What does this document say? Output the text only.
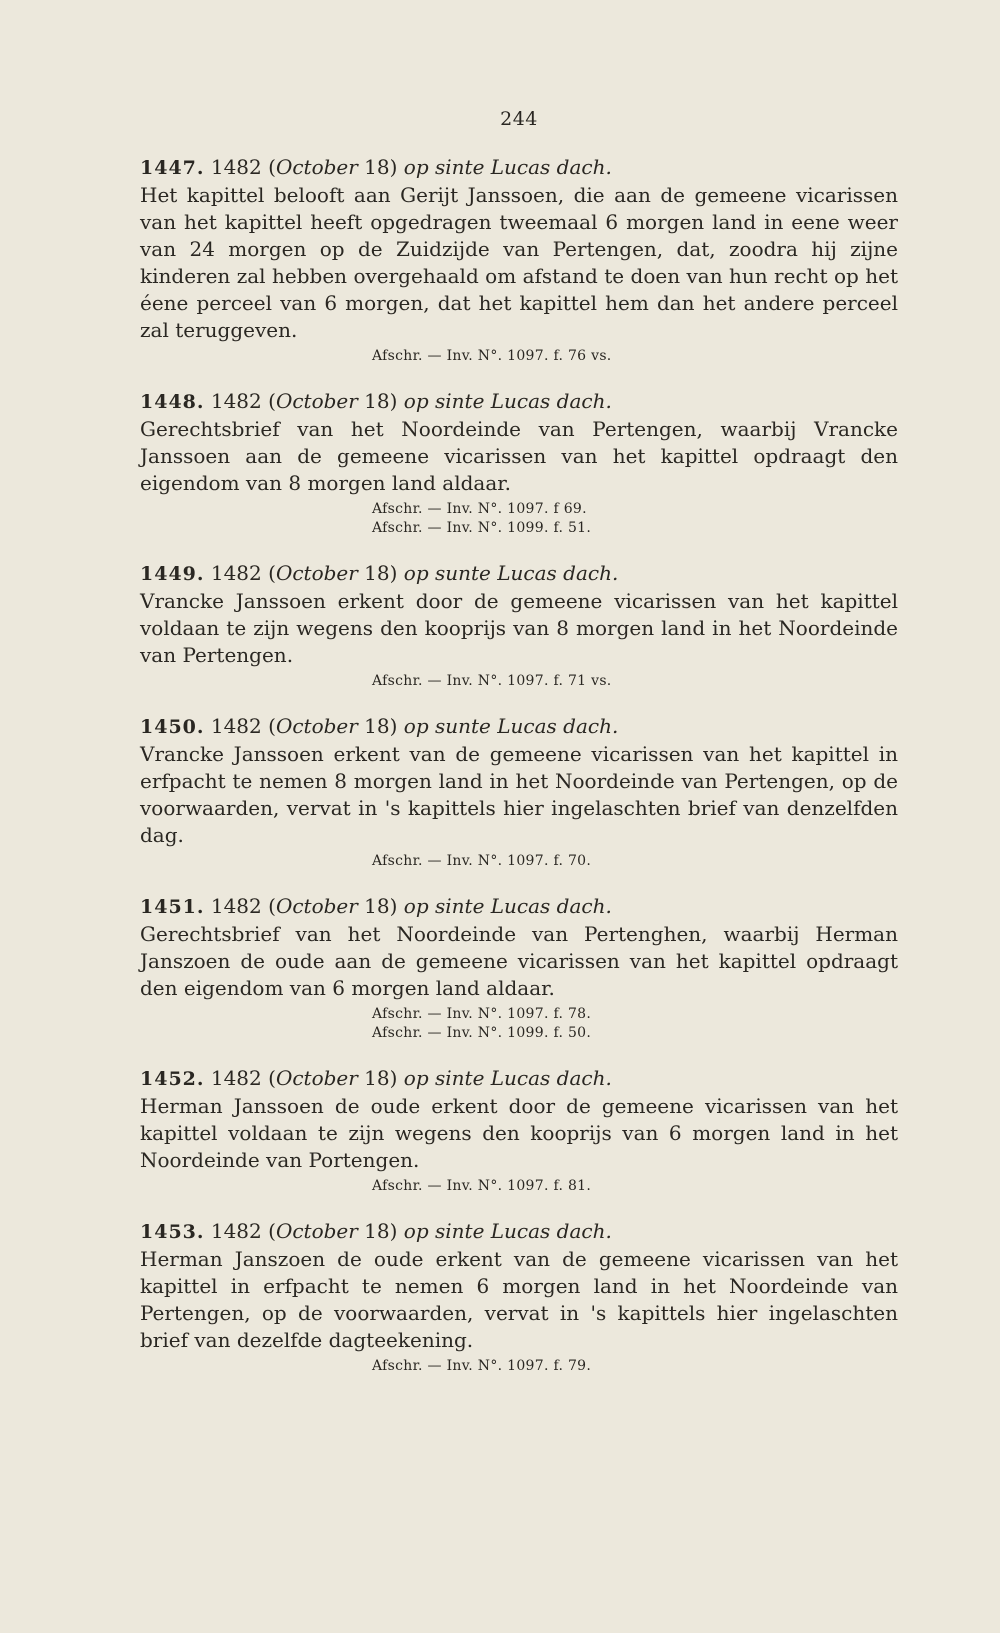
244

1447. 1482 (October 18) op sinte Lucas dach.

Het kapittel belooft aan Gerijt Janssoen, die aan de gemeene vicarissen van het kapittel heeft opgedragen tweemaal 6 morgen land in eene weer van 24 morgen op de Zuidzijde van Pertengen, dat, zoodra hij zijne kinderen zal hebben overgehaald om afstand te doen van hun recht op het éene perceel van 6 morgen, dat het kapittel hem dan het andere perceel zal teruggeven.

Afschr. — Inv. N°. 1097. f. 76 vs.

1448. 1482 (October 18) op sinte Lucas dach.

Gerechtsbrief van het Noordeinde van Pertengen, waarbij Vrancke Janssoen aan de gemeene vicarissen van het kapittel opdraagt den eigendom van 8 morgen land aldaar.

Afschr. — Inv. N°. 1097. f 69.
Afschr. — Inv. N°. 1099. f. 51.

1449. 1482 (October 18) op sunte Lucas dach.

Vrancke Janssoen erkent door de gemeene vicarissen van het kapittel voldaan te zijn wegens den kooprijs van 8 morgen land in het Noordeinde van Pertengen.

Afschr. — Inv. N°. 1097. f. 71 vs.

1450. 1482 (October 18) op sunte Lucas dach.

Vrancke Janssoen erkent van de gemeene vicarissen van het kapittel in erfpacht te nemen 8 morgen land in het Noordeinde van Pertengen, op de voorwaarden, vervat in 's kapittels hier ingelaschten brief van denzelfden dag.

Afschr. — Inv. N°. 1097. f. 70.

1451. 1482 (October 18) op sinte Lucas dach.

Gerechtsbrief van het Noordeinde van Pertenghen, waarbij Herman Janszoen de oude aan de gemeene vicarissen van het kapittel opdraagt den eigendom van 6 morgen land aldaar.

Afschr. — Inv. N°. 1097. f. 78.
Afschr. — Inv. N°. 1099. f. 50.

1452. 1482 (October 18) op sinte Lucas dach.

Herman Janssoen de oude erkent door de gemeene vicarissen van het kapittel voldaan te zijn wegens den kooprijs van 6 morgen land in het Noordeinde van Portengen.

Afschr. — Inv. N°. 1097. f. 81.

1453. 1482 (October 18) op sinte Lucas dach.

Herman Janszoen de oude erkent van de gemeene vicarissen van het kapittel in erfpacht te nemen 6 morgen land in het Noordeinde van Pertengen, op de voorwaarden, vervat in 's kapittels hier ingelaschten brief van dezelfde dagteekening.

Afschr. — Inv. N°. 1097. f. 79.
